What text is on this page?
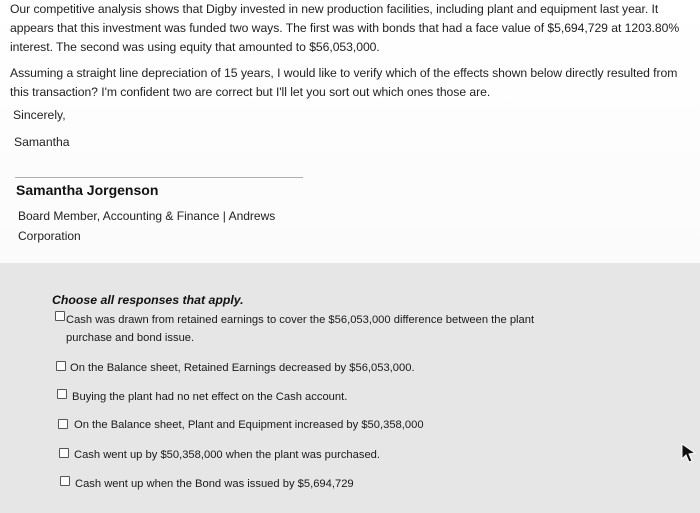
Our competitive analysis shows that Digby invested in new production facilities, including plant and equipment last year. It appears that this investment was funded two ways. The first was with bonds that had a face value of $5,694,729 at 1203.80% interest. The second was using equity that amounted to $56,053,000.

Assuming a straight line depreciation of 15 years, I would like to verify which of the effects shown below directly resulted from this transaction? I'm confident two are correct but I'll let you sort out which ones those are.

Sincerely,
Samantha
Samantha Jorgenson
Board Member, Accounting & Finance | Andrews Corporation
Choose all responses that apply.
Cash was drawn from retained earnings to cover the $56,053,000 difference between the plant purchase and bond issue.
On the Balance sheet, Retained Earnings decreased by $56,053,000.
Buying the plant had no net effect on the Cash account.
On the Balance sheet, Plant and Equipment increased by $50,358,000
Cash went up by $50,358,000 when the plant was purchased.
Cash went up when the Bond was issued by $5,694,729
